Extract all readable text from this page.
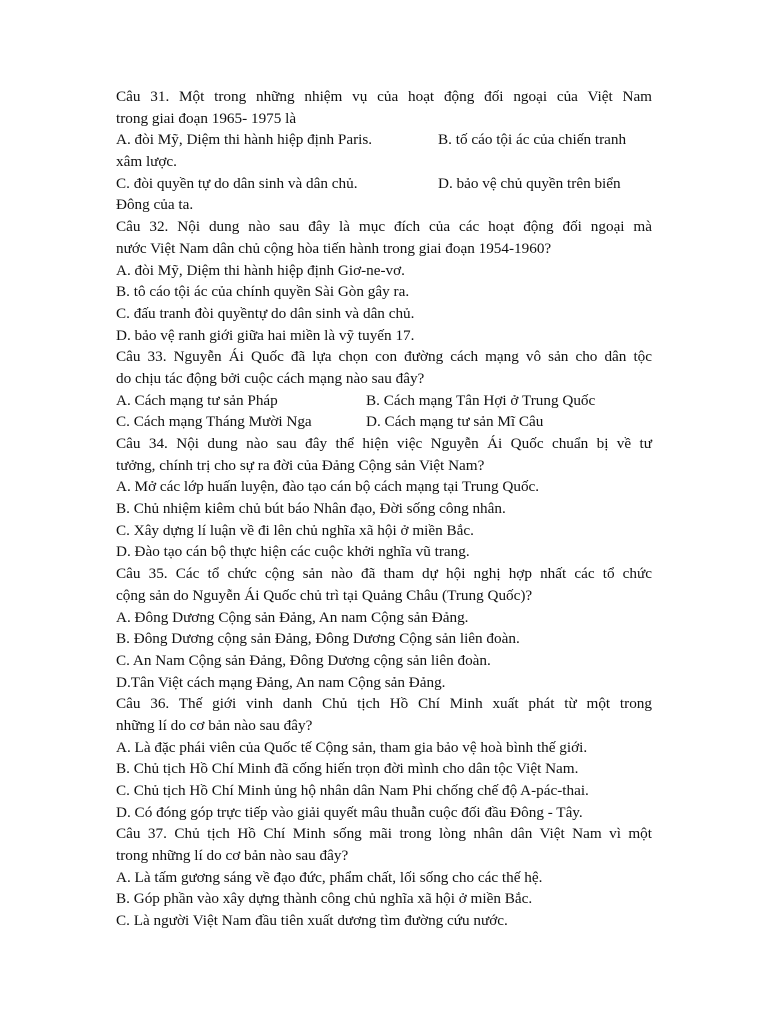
Câu 31. Một trong những nhiệm vụ của hoạt động đối ngoại của Việt Nam
trong giai đoạn 1965- 1975 là
A. đòi Mỹ, Diệm thi hành hiệp định Paris.	B. tố cáo tội ác của chiến tranh
xâm lược.
C. đòi quyền tự do dân sinh và dân chủ.	D. bảo vệ chủ quyền trên biển
Đông của ta.
Câu 32. Nội dung nào sau đây là mục đích của các hoạt động đối ngoại mà
nước Việt Nam dân chủ cộng hòa tiến hành trong giai đoạn 1954-1960?
A. đòi Mỹ, Diệm thi hành hiệp định Giơ-ne-vơ.
B. tô cáo tội ác của chính quyền Sài Gòn gây ra.
C. đấu tranh đòi quyềntự do dân sinh và dân chủ.
D. bảo vệ ranh giới giữa hai miền là vỹ tuyến 17.
Câu 33. Nguyễn Ái Quốc đã lựa chọn con đường cách mạng vô sản cho dân tộc
do chịu tác động bởi cuộc cách mạng nào sau đây?
A. Cách mạng tư sản Pháp	B. Cách mạng Tân Hợi ở Trung Quốc
C. Cách mạng Tháng Mười Nga	D. Cách mạng tư sản Mĩ Câu
Câu 34. Nội dung nào sau đây thể hiện việc Nguyễn Ái Quốc chuẩn bị về tư
tưởng, chính trị cho sự ra đời của Đảng Cộng sản Việt Nam?
A. Mở các lớp huấn luyện, đào tạo cán bộ cách mạng tại Trung Quốc.
B. Chủ nhiệm kiêm chủ bút báo Nhân đạo, Đời sống công nhân.
C. Xây dựng lí luận về đi lên chủ nghĩa xã hội ở miền Bắc.
D. Đào tạo cán bộ thực hiện các cuộc khởi nghĩa vũ trang.
Câu 35. Các tổ chức cộng sản nào đã tham dự hội nghị hợp nhất các tổ chức
cộng sản do Nguyễn Ái Quốc chủ trì tại Quảng Châu (Trung Quốc)?
A. Đông Dương Cộng sản Đảng, An nam Cộng sản Đảng.
B. Đông Dương cộng sản Đảng, Đông Dương Cộng sản liên đoàn.
C. An Nam Cộng sản Đảng, Đông Dương cộng sản liên đoàn.
D.Tân Việt cách mạng Đảng, An nam Cộng sản Đảng.
Câu 36. Thế giới vinh danh Chủ tịch Hồ Chí Minh xuất phát từ một trong
những lí do cơ bản nào sau đây?
A. Là đặc phái viên của Quốc tế Cộng sản, tham gia bảo vệ hoà bình thế giới.
B. Chủ tịch Hồ Chí Minh đã cống hiến trọn đời mình cho dân tộc Việt Nam.
C. Chủ tịch Hồ Chí Minh ủng hộ nhân dân Nam Phi chống chế độ A-pác-thai.
D. Có đóng góp trực tiếp vào giải quyết mâu thuẫn cuộc đối đầu Đông - Tây.
Câu 37. Chủ tịch Hồ Chí Minh sống mãi trong lòng nhân dân Việt Nam vì một
trong những lí do cơ bản nào sau đây?
A. Là tấm gương sáng về đạo đức, phẩm chất, lối sống cho các thế hệ.
B. Góp phần vào xây dựng thành công chủ nghĩa xã hội ở miền Bắc.
C. Là người Việt Nam đầu tiên xuất dương tìm đường cứu nước.
